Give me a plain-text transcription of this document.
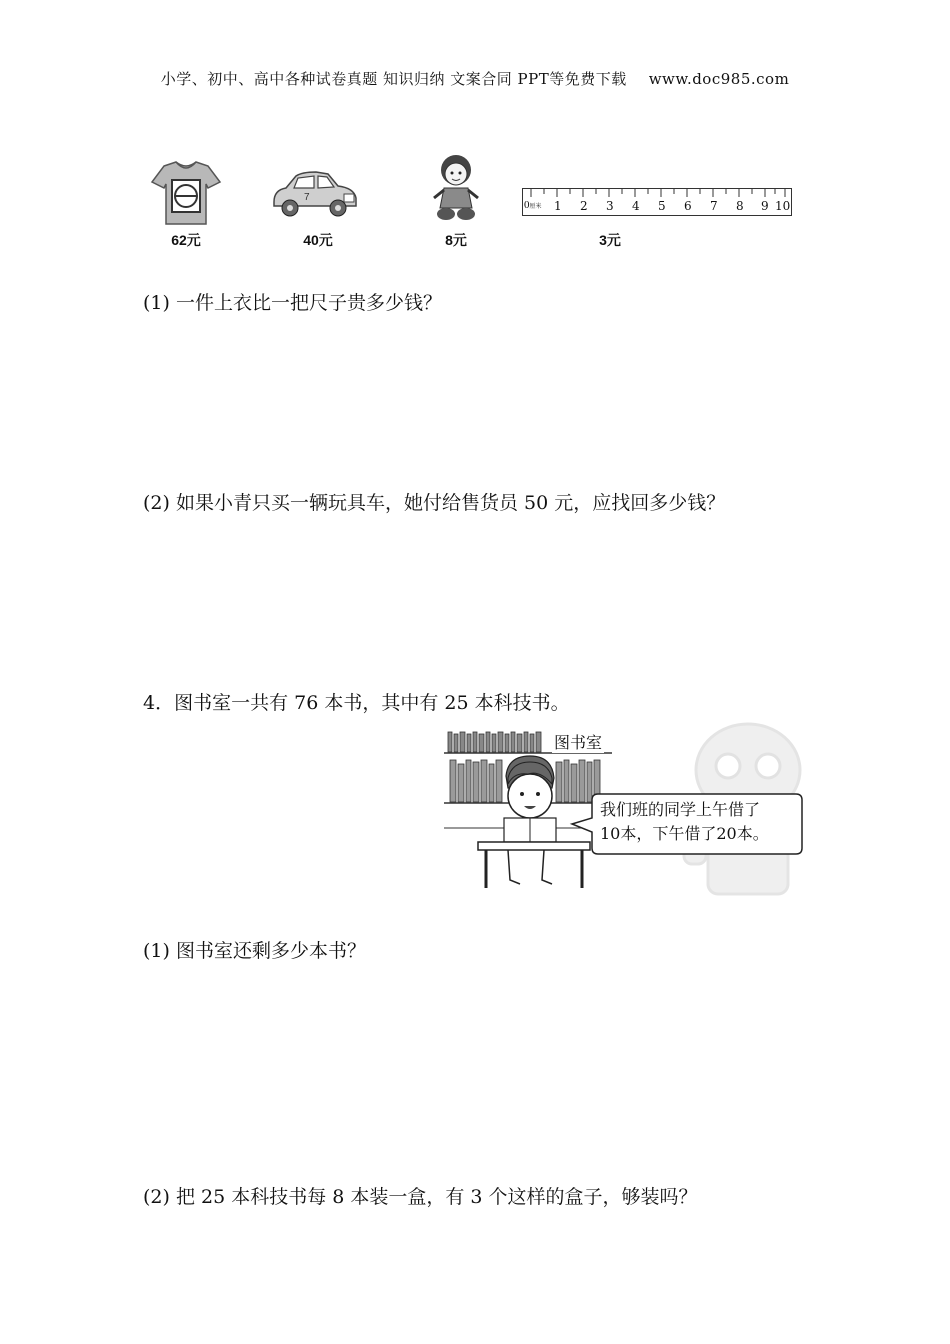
小学、初中、高中各种试卷真题 知识归纳 文案合同 PPT等免费下载 www.doc985.com
62元
7
40元	8元
0厘米 1 2 3 4 5 6 7 8 9 10
3元
(1) 一件上衣比一把尺子贵多少钱？
(2) 如果小青只买一辆玩具车，她付给售货员 50 元，应找回多少钱？
4．图书室一共有 76 本书，其中有 25 本科技书。
图书室
我们班的同学上午借了
10本，下午借了20本。
(1) 图书室还剩多少本书？
(2) 把 25 本科技书每 8 本装一盒，有 3 个这样的盒子，够装吗？
